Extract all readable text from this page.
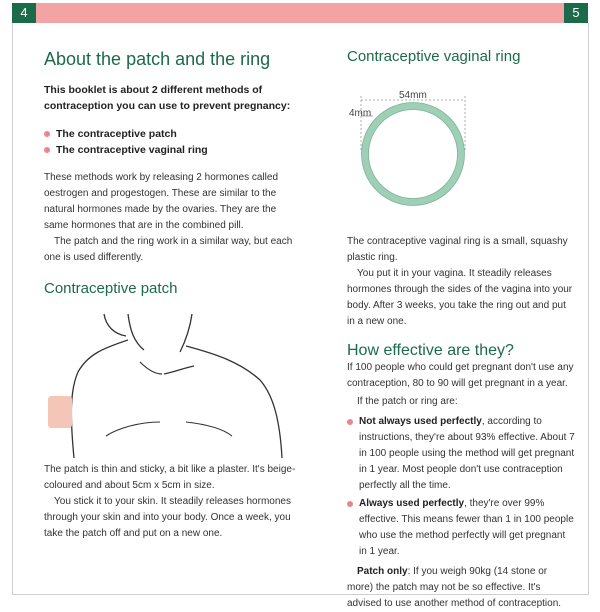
4	5
About the patch and the ring

This booklet is about 2 different methods of contraception you can use to prevent pregnancy:

The contraceptive patch
The contraceptive vaginal ring

These methods work by releasing 2 hormones called oestrogen and progestogen. These are similar to the natural hormones made by the ovaries. They are the same hormones that are in the combined pill.

The patch and the ring work in a similar way, but each one is used differently.

Contraceptive patch

The patch is thin and sticky, a bit like a plaster. It's beige-coloured and about 5cm x 5cm in size.

You stick it to your skin. It steadily releases hormones through your skin and into your body. Once a week, you take the patch off and put on a new one.

Contraceptive vaginal ring
54mm
4mm

The contraceptive vaginal ring is a small, squashy plastic ring.

You put it in your vagina. It steadily releases hormones through the sides of the vagina into your body. After 3 weeks, you take the ring out and put in a new one.

How effective are they?

If 100 people who could get pregnant don't use any contraception, 80 to 90 will get pregnant in a year.

If the patch or ring are:

Not always used perfectly, according to instructions, they're about 93% effective. About 7 in 100 people using the method will get pregnant in 1 year. Most people don't use contraception perfectly all the time.
Always used perfectly, they're over 99% effective. This means fewer than 1 in 100 people who use the method perfectly will get pregnant in 1 year.

Patch only: If you weigh 90kg (14 stone or more) the patch may not be so effective. It's advised to use another method of contraception.
